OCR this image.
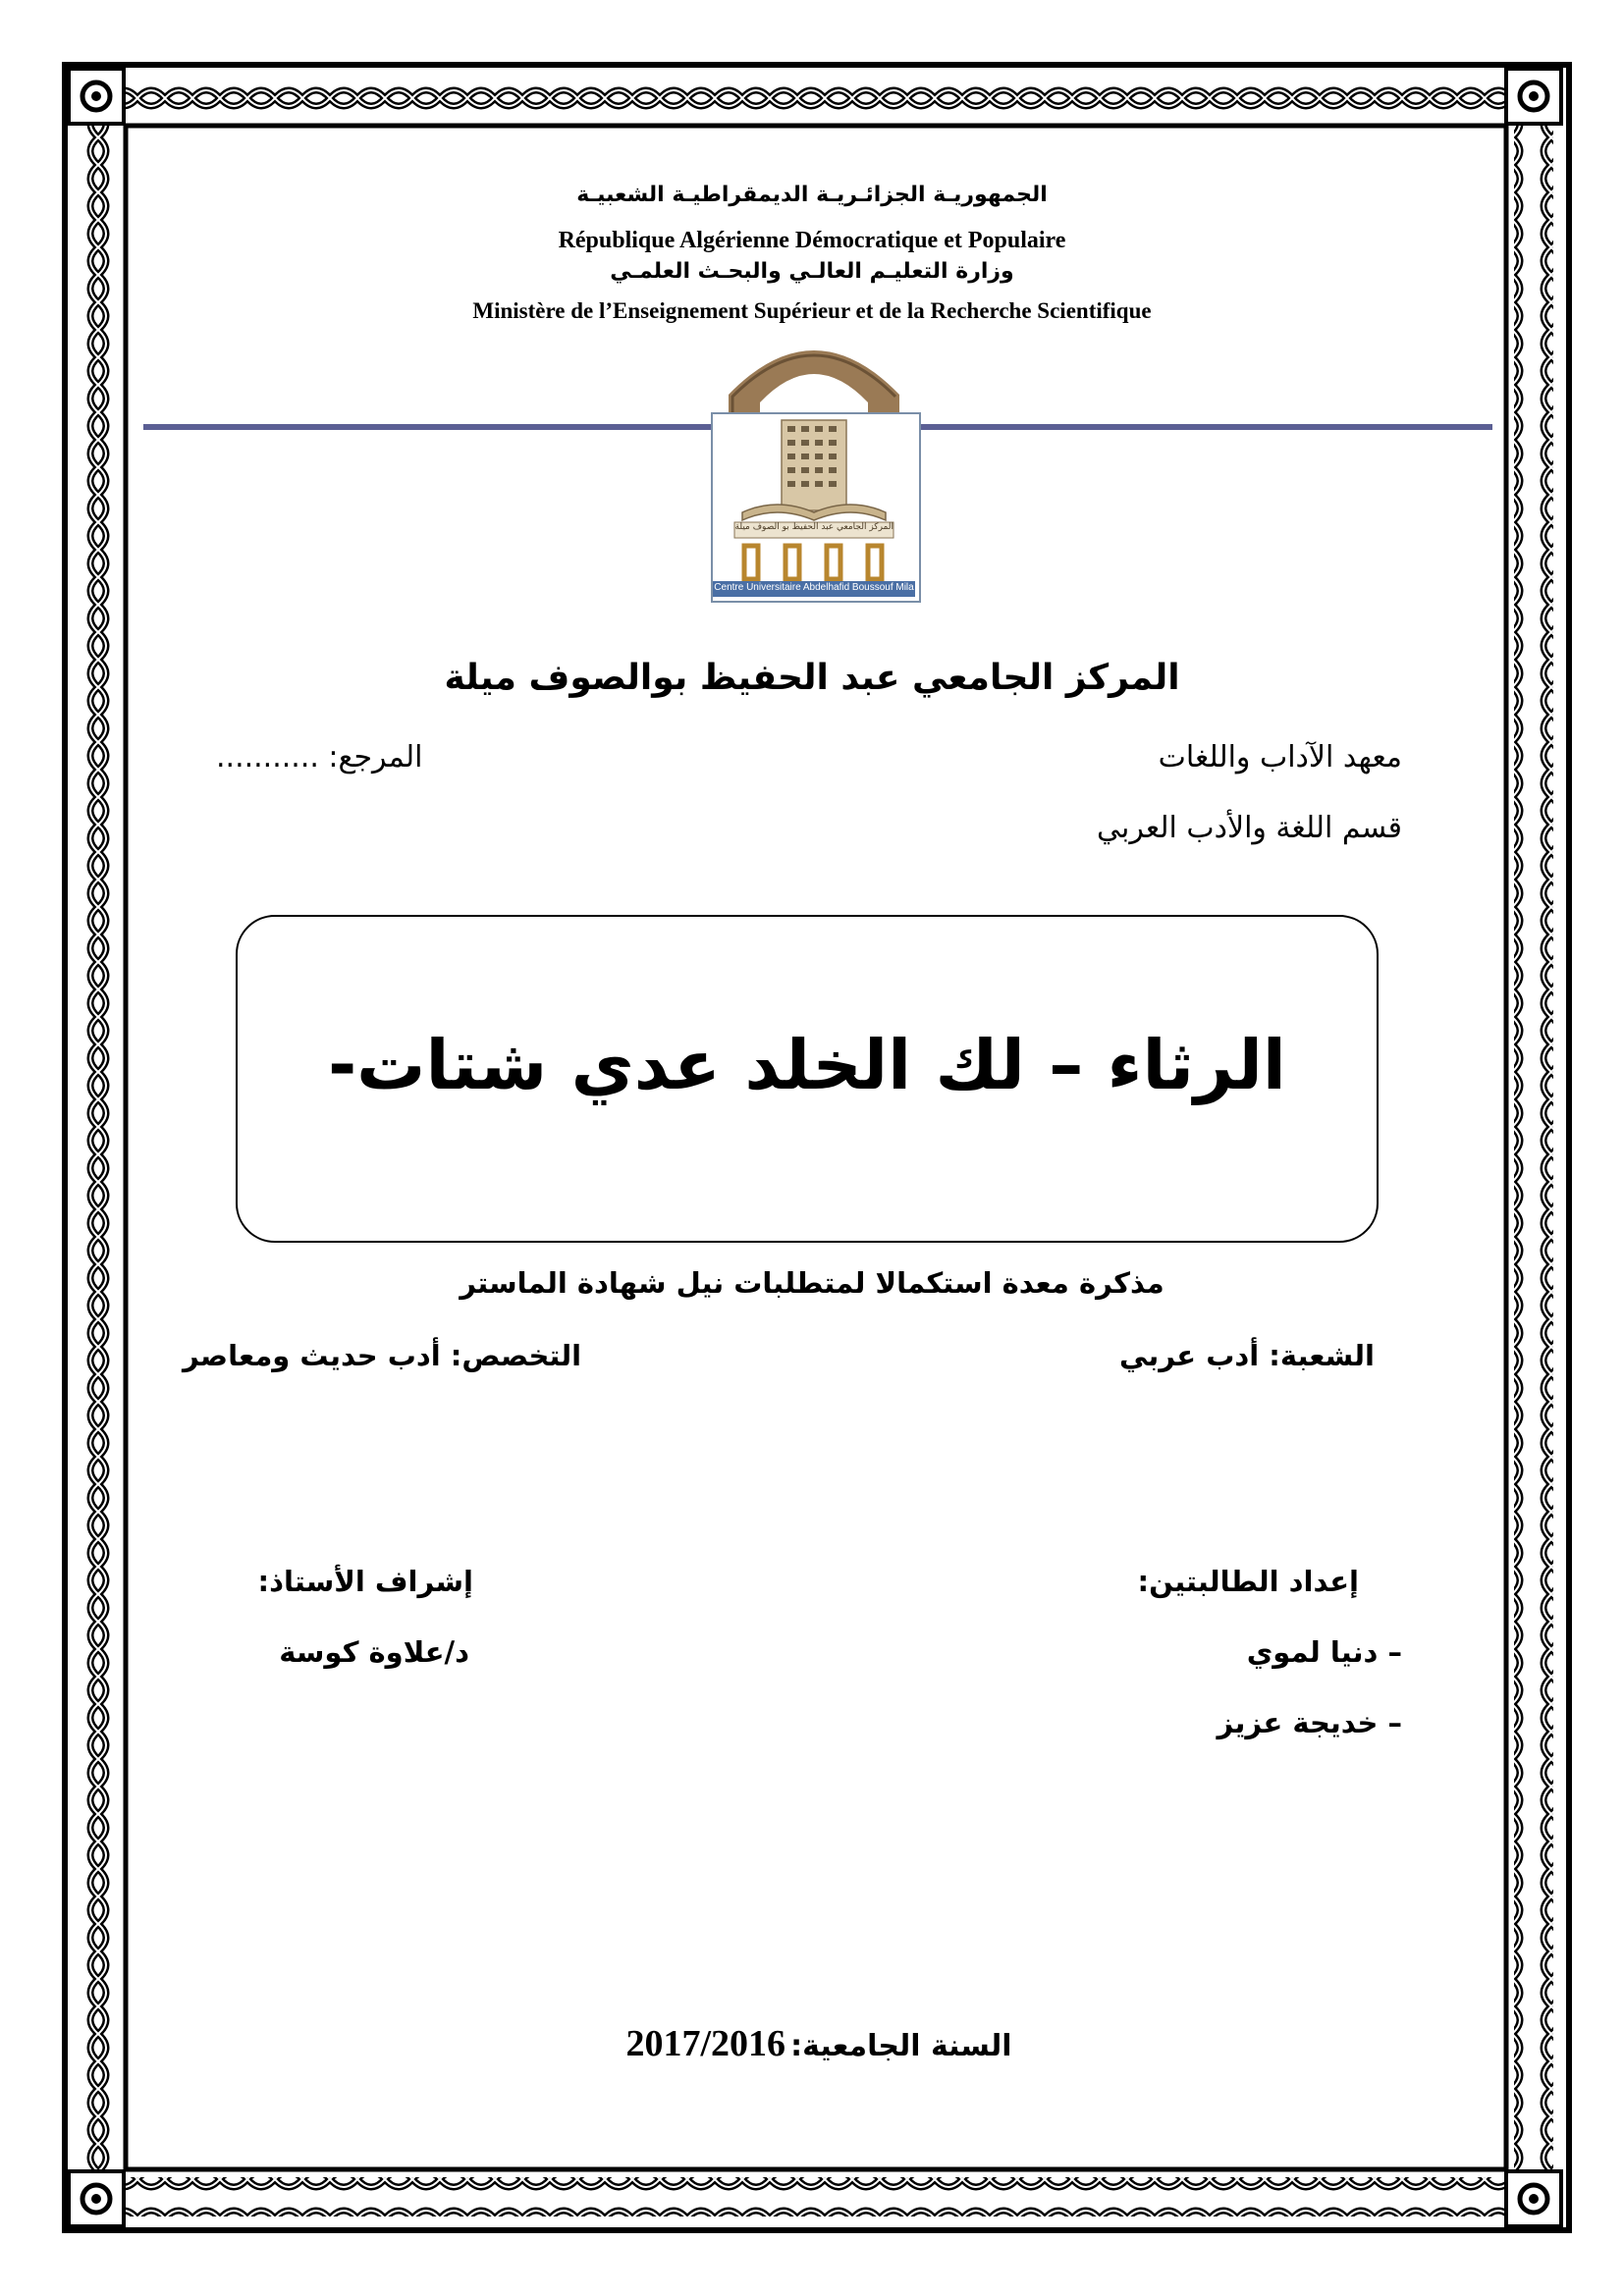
الجمهوريـة الجزائـريـة الديمقراطيـة الشعبيـة
République Algérienne Démocratique et Populaire
وزارة التعليـم العالـي والبحـث العلمـي
Ministère de l’Enseignement Supérieur et de la Recherche Scientifique
المركز الجامعي عبد الحفيظ بو الصوف ميلة
Centre Universitaire Abdelhafid Boussouf Mila
المركز الجامعي عبد الحفيظ بوالصوف ميلة
معهد الآداب واللغات
المرجع: ...........
قسم اللغة والأدب العربي
الرثاء – لك الخلد عدي شتات-
مذكرة معدة استكمالا لمتطلبات نيل شهادة الماستر
الشعبة: أدب عربي
التخصص: أدب حديث ومعاصر
إعداد الطالبتين:
– دنيا لموي
– خديجة عزيز
إشراف الأستاذ:
د/علاوة كوسة
السنة الجامعية: 2017/2016
